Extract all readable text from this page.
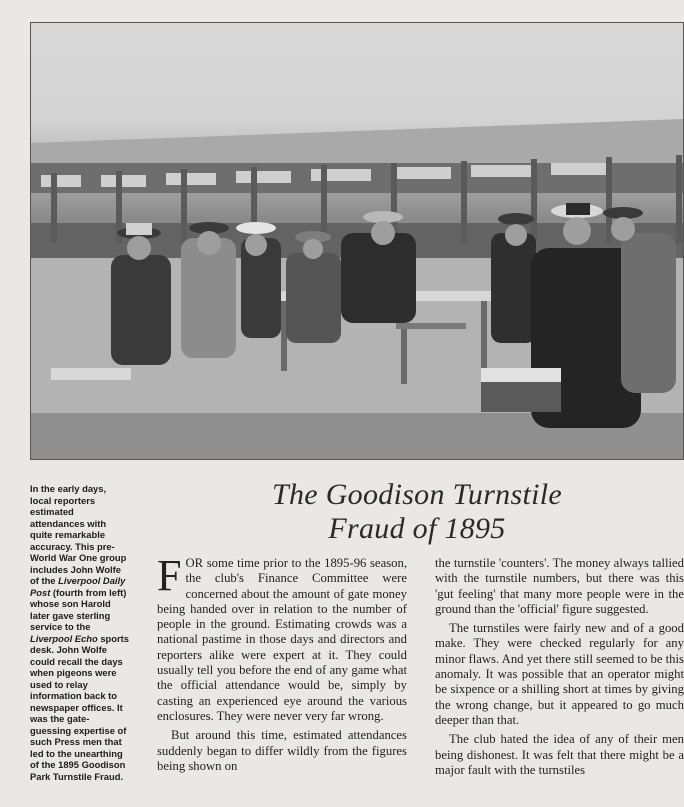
In the early days, local reporters estimated attendances with quite remarkable accuracy. This pre-World War One group includes John Wolfe of the Liverpool Daily Post (fourth from left) whose son Harold later gave sterling service to the Liverpool Echo sports desk. John Wolfe could recall the days when pigeons were used to relay information back to newspaper offices. It was the gate-guessing expertise of such Press men that led to the unearthing of the 1895 Goodison Park Turnstile Fraud.

The Goodison Turnstile
Fraud of 1895

FOR some time prior to the 1895-96 season, the club's Finance Committee were concerned about the amount of gate money being handed over in relation to the number of people in the ground. Estimating crowds was a national pastime in those days and directors and reporters alike were expert at it. They could usually tell you before the end of any game what the official attendance would be, simply by casting an experienced eye around the various enclosures. They were never very far wrong.

But around this time, estimated attendances suddenly began to differ wildly from the figures being shown on

the turnstile 'counters'. The money always tallied with the turnstile numbers, but there was this 'gut feeling' that many more people were in the ground than the 'official' figure suggested.

The turnstiles were fairly new and of a good make. They were checked regularly for any minor flaws. And yet there still seemed to be this anomaly. It was possible that an operator might be sixpence or a shilling short at times by giving the wrong change, but it appeared to go much deeper than that.

The club hated the idea of any of their men being dishonest. It was felt that there might be a major fault with the turnstiles
